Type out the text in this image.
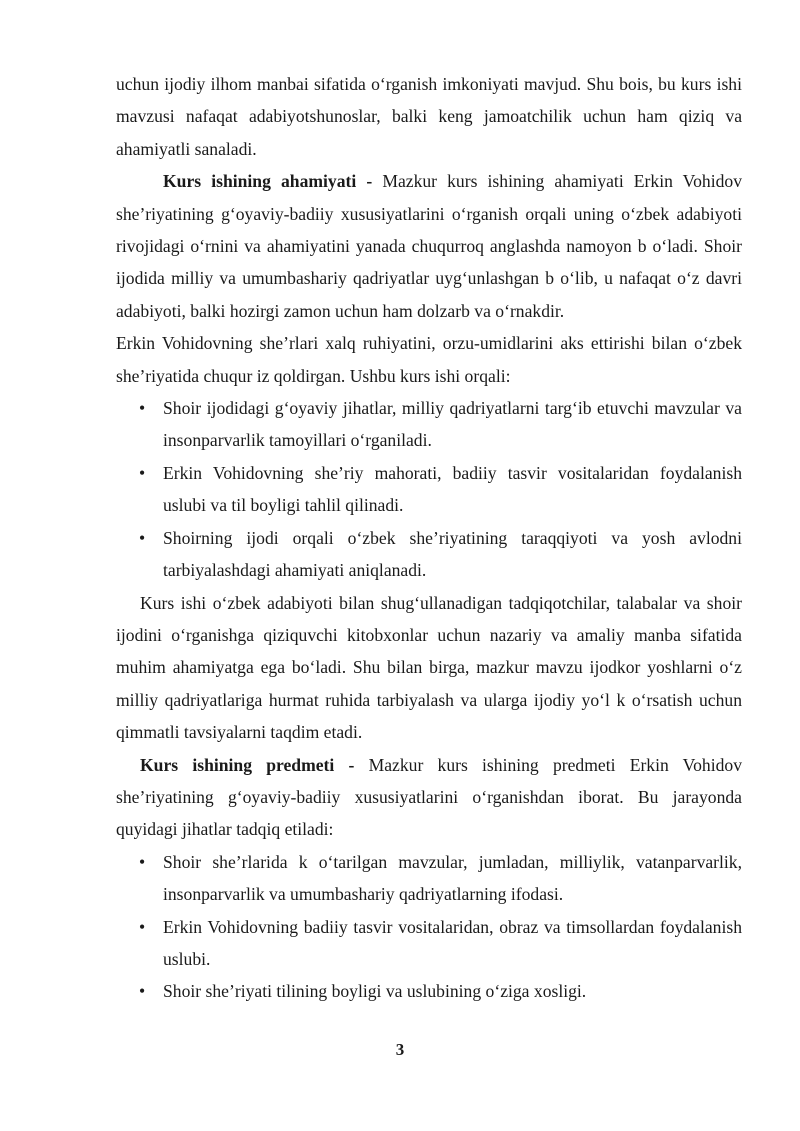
uchun ijodiy ilhom manbai sifatida o‘rganish imkoniyati mavjud. Shu bois, bu kurs ishi mavzusi nafaqat adabiyotshunoslar, balki keng jamoatchilik uchun ham qiziq va ahamiyatli sanaladi.

Kurs ishining ahamiyati - Mazkur kurs ishining ahamiyati Erkin Vohidov she’riyatining g‘oyaviy-badiiy xususiyatlarini o‘rganish orqali uning o‘zbek adabiyoti rivojidagi o‘rnini va ahamiyatini yanada chuqurroq anglashda namoyon b o‘ladi. Shoir ijodida milliy va umumbashariy qadriyatlar uyg‘unlashgan b o‘lib, u nafaqat o‘z davri adabiyoti, balki hozirgi zamon uchun ham dolzarb va o‘rnakdir.

Erkin Vohidovning she’rlari xalq ruhiyatini, orzu-umidlarini aks ettirishi bilan o‘zbek she’riyatida chuqur iz qoldirgan. Ushbu kurs ishi orqali:

• Shoir ijodidagi g‘oyaviy jihatlar, milliy qadriyatlarni targ‘ib etuvchi mavzular va insonparvarlik tamoyillari o‘rganiladi.
• Erkin Vohidovning she’riy mahorati, badiiy tasvir vositalaridan foydalanish uslubi va til boyligi tahlil qilinadi.
• Shoirning ijodi orqali o‘zbek she’riyatining taraqqiyoti va yosh avlodni tarbiyalashdagi ahamiyati aniqlanadi.

Kurs ishi o‘zbek adabiyoti bilan shug‘ullanadigan tadqiqotchilar, talabalar va shoir ijodini o‘rganishga qiziquvchi kitobxonlar uchun nazariy va amaliy manba sifatida muhim ahamiyatga ega bo‘ladi. Shu bilan birga, mazkur mavzu ijodkor yoshlarni o‘z milliy qadriyatlariga hurmat ruhida tarbiyalash va ularga ijodiy yo‘l k o‘rsatish uchun qimmatli tavsiyalarni taqdim etadi.

Kurs ishining predmeti - Mazkur kurs ishining predmeti Erkin Vohidov she’riyatining g‘oyaviy-badiiy xususiyatlarini o‘rganishdan iborat. Bu jarayonda quyidagi jihatlar tadqiq etiladi:

• Shoir she’rlarida k o‘tarilgan mavzular, jumladan, milliylik, vatanparvarlik, insonparvarlik va umumbashariy qadriyatlarning ifodasi.
• Erkin Vohidovning badiiy tasvir vositalaridan, obraz va timsollardan foydalanish uslubi.
• Shoir she’riyati tilining boyligi va uslubining o‘ziga xosligi.
3
